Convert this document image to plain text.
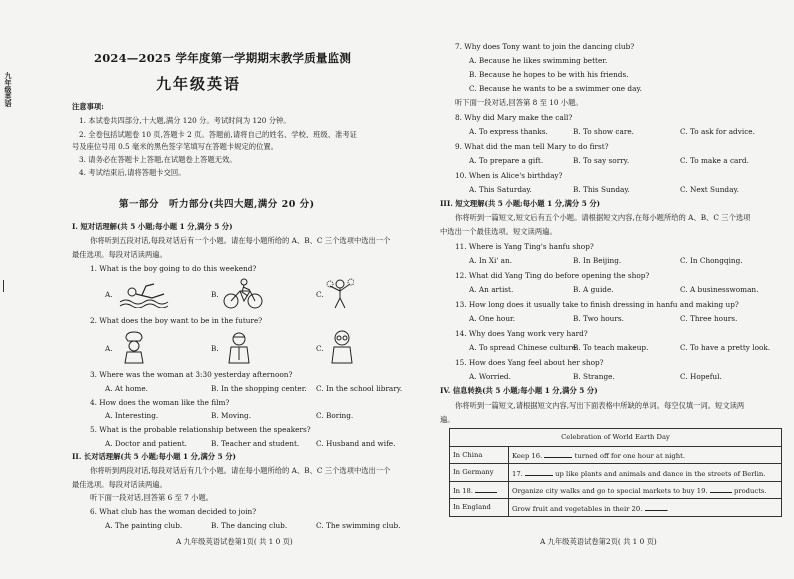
九年级英语
2024—2025 学年度第一学期期末教学质量监测
九年级英语
注意事项:
1. 本试卷共四部分,十大题,满分 120 分。考试时间为 120 分钟。
2. 全卷包括试题卷 10 页,答题卡 2 页。答题前,请将自己的姓名、学校、班级、准考证
号及座位号用 0.5 毫米的黑色签字笔填写在答题卡规定的位置。
3. 请务必在答题卡上答题,在试题卷上答题无效。
4. 考试结束后,请将答题卡交回。
第一部分　听力部分(共四大题,满分 20 分)
I. 短对话理解(共 5 小题;每小题 1 分,满分 5 分)
你将听到五段对话,每段对话后有一个小题。请在每小题所给的 A、B、C 三个选项中选出一个
最佳选项。每段对话读两遍。
1. What is the boy going to do this weekend?
A.	B.	C.
2. What does the boy want to be in the future?
A.	B.	C.
3. Where was the woman at 3:30 yesterday afternoon?
A. At home.	B. In the shopping center. C. In the school library.
4. How does the woman like the film?
A. Interesting.	B. Moving.	C. Boring.
5. What is the probable relationship between the speakers?
A. Doctor and patient.	B. Teacher and student. C. Husband and wife.
II. 长对话理解(共 5 小题;每小题 1 分,满分 5 分)
你将听到两段对话,每段对话后有几个小题。请在每小题所给的 A、B、C 三个选项中选出一个
最佳选项。每段对话读两遍。
听下面一段对话,回答第 6 至 7 小题。
6. What club has the woman decided to join?
A. The painting club.	B. The dancing club.	C. The swimming club.
A 九年级英语试卷第1页( 共 1 0 页)
7. Why does Tony want to join the dancing club?
A. Because he likes swimming better.
B. Because he hopes to be with his friends.
C. Because he wants to be a swimmer one day.
听下面一段对话,回答第 8 至 10 小题。
8. Why did Mary make the call?
A. To express thanks.	B. To show care.	C. To ask for advice.
9. What did the man tell Mary to do first?
A. To prepare a gift.	B. To say sorry.	C. To make a card.
10. When is Alice's birthday?
A. This Saturday.	B. This Sunday.	C. Next Sunday.
III. 短文理解(共 5 小题;每小题 1 分,满分 5 分)
你将听到一篇短文,短文后有五个小题。请根据短文内容,在每小题所给的 A、B、C 三个选项
中选出一个最佳选项。短文读两遍。
11. Where is Yang Ting's hanfu shop?
A. In Xi' an.	B. In Beijing.	C. In Chongqing.
12. What did Yang Ting do before opening the shop?
A. An artist.	B. A guide.	C. A businesswoman.
13. How long does it usually take to finish dressing in hanfu and making up?
A. One hour.	B. Two hours.	C. Three hours.
14. Why does Yang work very hard?
A. To spread Chinese culture.
B. To teach makeup.	C. To have a pretty look.
15. How does Yang feel about her shop?
A. Worried.	B. Strange.	C. Hopeful.
IV. 信息转换(共 5 小题;每小题 1 分,满分 5 分)
你将听到一篇短文,请根据短文内容,写出下面表格中所缺的单词。每空仅填一词。短文读两
遍。
Celebration of World Earth Day	
In China	Keep 16. turned off for one hour at night.
In Germany	17. up like plants and animals and dance in the streets of Berlin.
In 18.	Organize city walks and go to special markets to buy 19. products.
In England	Grow fruit and vegetables in their 20. .
A 九年级英语试卷第2页( 共 1 0 页)
